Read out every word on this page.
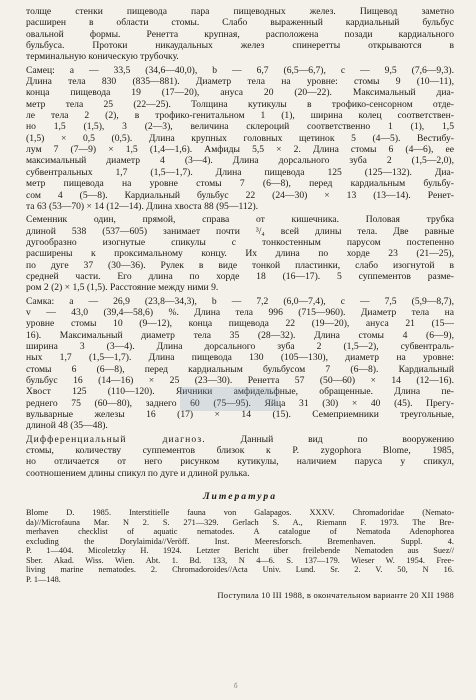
толще стенки пищевода пара пищеводных желез. Пищевод заметно
расширен в области стомы. Слабо выраженный кардиальный бульбус
овальной формы. Ренетта крупная, расположена позади кардиального
бульбуса. Протоки никаудальных желез спинеретты открываются в
терминальную коническую трубочку.

Самец: а — 33,5 (34,6—40,0), b — 6,7 (6,5—6,7), c — 9,5 (7,6—9,3).
Длина тела 830 (835—881). Диаметр тела на уровне: стомы 9 (10—11),
конца пищевода 19 (17—20), ануса 20 (20—22). Максимальный диа-
метр тела 25 (22—25). Толщина кутикулы в трофико-сенсорном отде-
ле тела 2 (2), в трофико-генитальном 1 (1), ширина колец соответствен-
но 1,5 (1,5), 3 (2—3), величина склероций соответственно 1 (1), 1,5
(1,5) × 0,5 (0,5). Длина крупных головных щетинок 5 (4—5). Вестибу-
лум 7 (7—9) × 1,5 (1,4—1,6). Амфиды 5,5 × 2. Длина стомы 6 (4—6), ее
максимальный диаметр 4 (3—4). Длина дорсального зуба 2 (1,5—2,0),
субвентральных 1,7 (1,5—1,7). Длина пищевода 125 (125—132). Диа-
метр пищевода на уровне стомы 7 (6—8), перед кардиальным бульбу-
сом 4 (5—8). Кардиальный бульбус 22 (24—30) × 13 (13—14). Ренет-
та 63 (53—70) × 14 (12—14). Длина хвоста 88 (95—112).

Семенник один, прямой, справа от кишечника. Половая трубка
длиной 538 (537—605) занимает почти ³/₄ всей длины тела. Две равные
дугообразно изогнутые спикулы с тонкостенным парусом постепенно
расширены к проксимальному концу. Их длина по хорде 23 (21—25),
по дуге 37 (30—36). Рулек в виде тонкой пластинки, слабо изогнутой в
средней части. Его длина по хорде 18 (16—17). 5 суппементов разме-
ром 2 (2) × 1,5 (1,5). Расстояние между ними 9.

Самка: а — 26,9 (23,8—34,3), b — 7,2 (6,0—7,4), c — 7,5 (5,9—8,7),
v — 43,0 (39,4—58,6) %. Длина тела 996 (715—960). Диаметр тела на
уровне стомы 10 (9—12), конца пищевода 22 (19—20), ануса 21 (15—
16). Максимальный диаметр тела 35 (28—32). Длина стомы 4 (6—9),
ширина 3 (3—4). Длина дорсального зуба 2 (1,5—2), субвентраль-
ных 1,7 (1,5—1,7). Длина пищевода 130 (105—130), диаметр на уровне:
стомы 6 (6—8), перед кардиальным бульбусом 7 (6—8). Кардиальный
бульбус 16 (14—16) × 25 (23—30). Ренетта 57 (50—60) × 14 (12—16).
Хвост 125 (110—120). Яичники амфидельфные, обращенные. Длина пе-
реднего 75 (60—80), заднего 60 (75—95). Яйца 31 (30) × 40 (45). Прегу-
вульварные железы 16 (17) × 14 (15). Семеприемники треугольные,
длиной 48 (35—48).

Дифференциальный диагноз. Данный вид по вооружению
стомы, количеству суппементов близок к P. zygophora Blome, 1985,
но отличается от него рисунком кутикулы, наличием паруса у спикул,
соотношением длины спикул по дуге и длиной рулька.

Литература

Blome D. 1985. Interstitielle fauna von Galapagos. XXXV. Chromadoridae (Nemato-
da)//Microfauna Mar. N 2. S. 271—329. Gerlach S. A., Riemann F. 1973. The Bre-
merhaven checklist of aquatic nematodes. A catalogue of Nematoda Adenophorea
excluding the Dorylaimida//Veröff. Inst. Meeresforsch. Bremenhaven. Suppl. 4.
P. 1—404. Micoletzky H. 1924. Letzter Bericht über freilebende Nematoden aus Suez//
Sber. Akad. Wiss. Wien. Abt. 1. Bd. 133, N 4—6. S. 137—179. Wieser W. 1954. Free-
living marine nematodes. 2. Chromadoroides//Acta Univ. Lund. Sr. 2. V. 50, N 16.
P. 1—148.

Поступила 10 III 1988, в окончательном варианте 20 XII 1988
б
